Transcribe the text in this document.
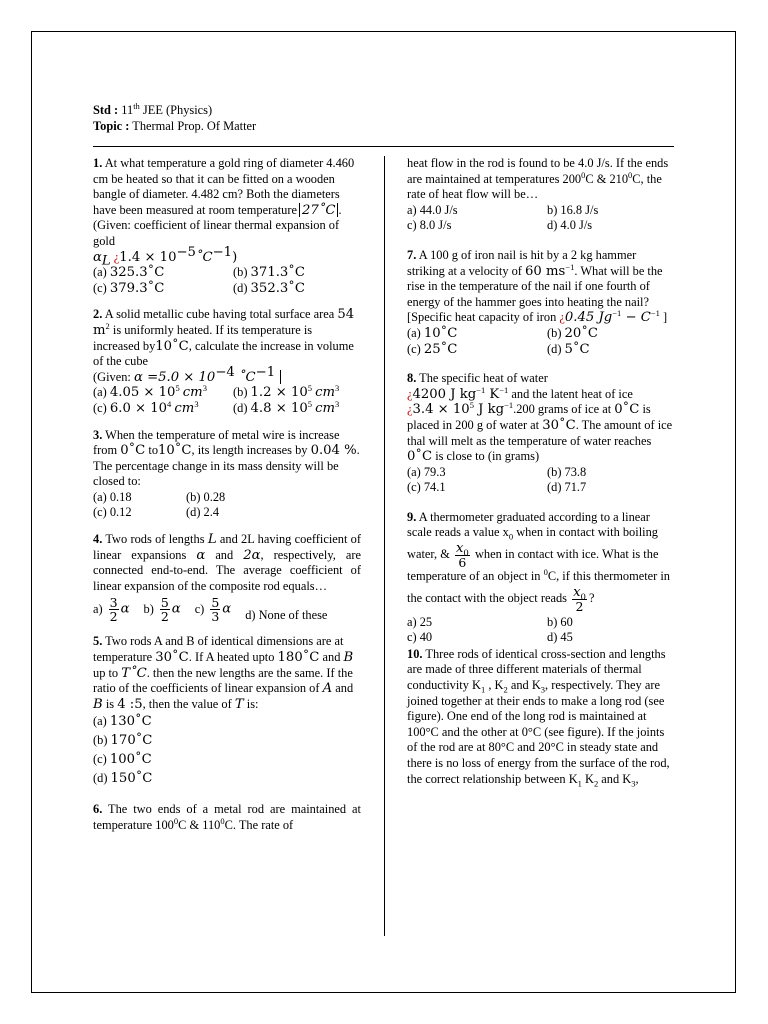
Std : 11th JEE (Physics)
Topic : Thermal Prop. Of Matter

1. At what temperature a gold ring of diameter 4.460 cm be heated so that it can be fitted on a wooden bangle of diameter. 4.482 cm? Both the diameters have been measured at room temperature 27˚C . (Given: coefficient of linear thermal expansion of gold

$\alpha_L$ ¿$1.4 \times 10^{-5}˚C^{-1}$)

(a) 325.3˚C	(b) 371.3˚C
(c) 379.3˚C	(d) 352.3˚C

2. A solid metallic cube having total surface area 54 $m^2$ is uniformly heated. If its temperature is increased by10˚C, calculate the increase in volume of the cube

(Given: $\alpha =5.0 \times 10^{-4}$ $˚C^{-1}$

(a) $4.05 \times 10^5$ $cm^3$	(b) $1.2 \times 10^5$ $cm^3$
(c) $6.0 \times 10^4$ $cm^3$	(d) $4.8 \times 10^5$ $cm^3$

3. When the temperature of metal wire is increase from 0˚C to10˚C, its length increases by 0.04 %. The percentage change in its mass density will be closed to:

(a) 0.18	(b) 0.28
(c) 0.12	(d) 2.4

4. Two rods of lengths L and 2L having coefficient of linear expansions α and 2α, respectively, are connected end-to-end. The average coefficient of linear expansion of the composite rod equals…

$a) \frac{3}{2}$ α $b) \frac{5}{2}$ α $c) \frac{5}{3}$ α d) None of these

5. Two rods A and B of identical dimensions are at temperature 30˚C. If A heated upto 180˚C and B up to T˚C. then the new lengths are the same. If the ratio of the coefficients of linear expansion of A and B is 4 :5, then the value of T is:

(a) 130˚C
(b) 170˚C
(c) 100˚C
(d) 150˚C

6. The two ends of a metal rod are maintained at temperature $100^0C$ & $110^0C$. The rate of

heat flow in the rod is found to be 4.0 J/s. If the ends are maintained at temperatures $200^0C$ & $210^0C$, the rate of heat flow will be…

a) 44.0 J/s	b) 16.8 J/s
c) 8.0 J/s	d) 4.0 J/s

7. A 100 g of iron nail is hit by a 2 kg hammer striking at a velocity of 60 $ms^{-1}$. What will be the rise in the temperature of the nail if one fourth of energy of the hammer goes into heating the nail? [Specific heat capacity of iron ¿0.45 $Jg^{-1} - C^{-1}$ ]

(a) 10˚C	(b) 20˚C
(c) 25˚C	(d) 5˚C

8. The specific heat of water

¿4200 J $kg^{-1}$ $K^{-1}$ and the latent heat of ice

¿$3.4 \times 10^5$ J $kg^{-1}.200$ grams of ice at 0˚C is placed in 200 g of water at 30˚C. The amount of ice thal will melt as the temperature of water reaches 0˚C is close to (in grams)

(a) 79.3	(b) 73.8
(c) 74.1	(d) 71.7

9. A thermometer graduated according to a linear scale reads a value $x_0$ when in contact with boiling water, & $\frac{x_0}{6}$ when in contact with ice. What is the temperature of an object in $^0$C, if this thermometer in the contact with the object reads $\frac{x_0}{2}$ ?

a) 25	b) 60
c) 40	d) 45

10. Three rods of identical cross-section and lengths are made of three different materials of thermal conductivity $K_1$ , $K_2$ and $K_3$, respectively. They are joined together at their ends to make a long rod (see figure). One end of the long rod is maintained at 100°C and the other at 0°C (see figure). If the joints of the rod are at 80°C and 20°C in steady state and there is no loss of energy from the surface of the rod, the correct relationship between $K_1$ $K_2$ and $K_3$,
